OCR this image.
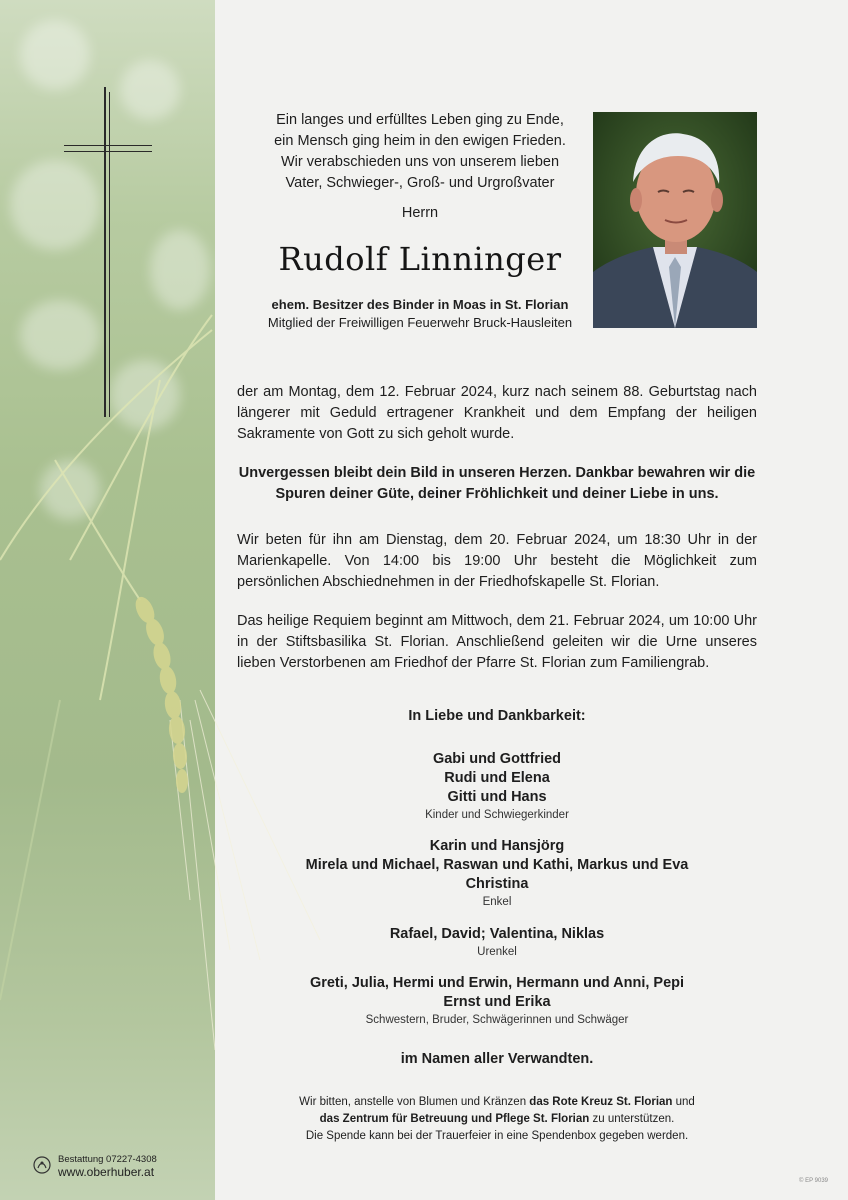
Ein langes und erfülltes Leben ging zu Ende,
ein Mensch ging heim in den ewigen Frieden.
Wir verabschieden uns von unserem lieben
Vater, Schwieger-, Groß- und Urgroßvater
Herrn
Rudolf Linninger
ehem. Besitzer des Binder in Moas in St. Florian
Mitglied der Freiwilligen Feuerwehr Bruck-Hausleiten
der am Montag, dem 12. Februar 2024, kurz nach seinem 88. Geburtstag nach längerer mit Geduld ertragener Krankheit und dem Empfang der heiligen Sakramente von Gott zu sich geholt wurde.
Unvergessen bleibt dein Bild in unseren Herzen. Dankbar bewahren wir die
Spuren deiner Güte, deiner Fröhlichkeit und deiner Liebe in uns.
Wir beten für ihn am Dienstag, dem 20. Februar 2024, um 18:30 Uhr in der Marienkapelle. Von 14:00 bis 19:00 Uhr besteht die Möglichkeit zum persönlichen Abschiednehmen in der Friedhofskapelle St. Florian.
Das heilige Requiem beginnt am Mittwoch, dem 21. Februar 2024, um 10:00 Uhr in der Stiftsbasilika St. Florian. Anschließend geleiten wir die Urne unseres lieben Verstorbenen am Friedhof der Pfarre St. Florian zum Familiengrab.
In Liebe und Dankbarkeit:
Gabi und Gottfried
Rudi und Elena
Gitti und Hans
Kinder und Schwiegerkinder
Karin und Hansjörg
Mirela und Michael, Raswan und Kathi, Markus und Eva
Christina
Enkel
Rafael, David; Valentina, Niklas
Urenkel
Greti, Julia, Hermi und Erwin, Hermann und Anni, Pepi
Ernst und Erika
Schwestern, Bruder, Schwägerinnen und Schwäger
im Namen aller Verwandten.
Wir bitten, anstelle von Blumen und Kränzen das Rote Kreuz St. Florian und
das Zentrum für Betreuung und Pflege St. Florian zu unterstützen.
Die Spende kann bei der Trauerfeier in eine Spendenbox gegeben werden.
© EP 9039
Bestattung 07227-4308
www.oberhuber.at
